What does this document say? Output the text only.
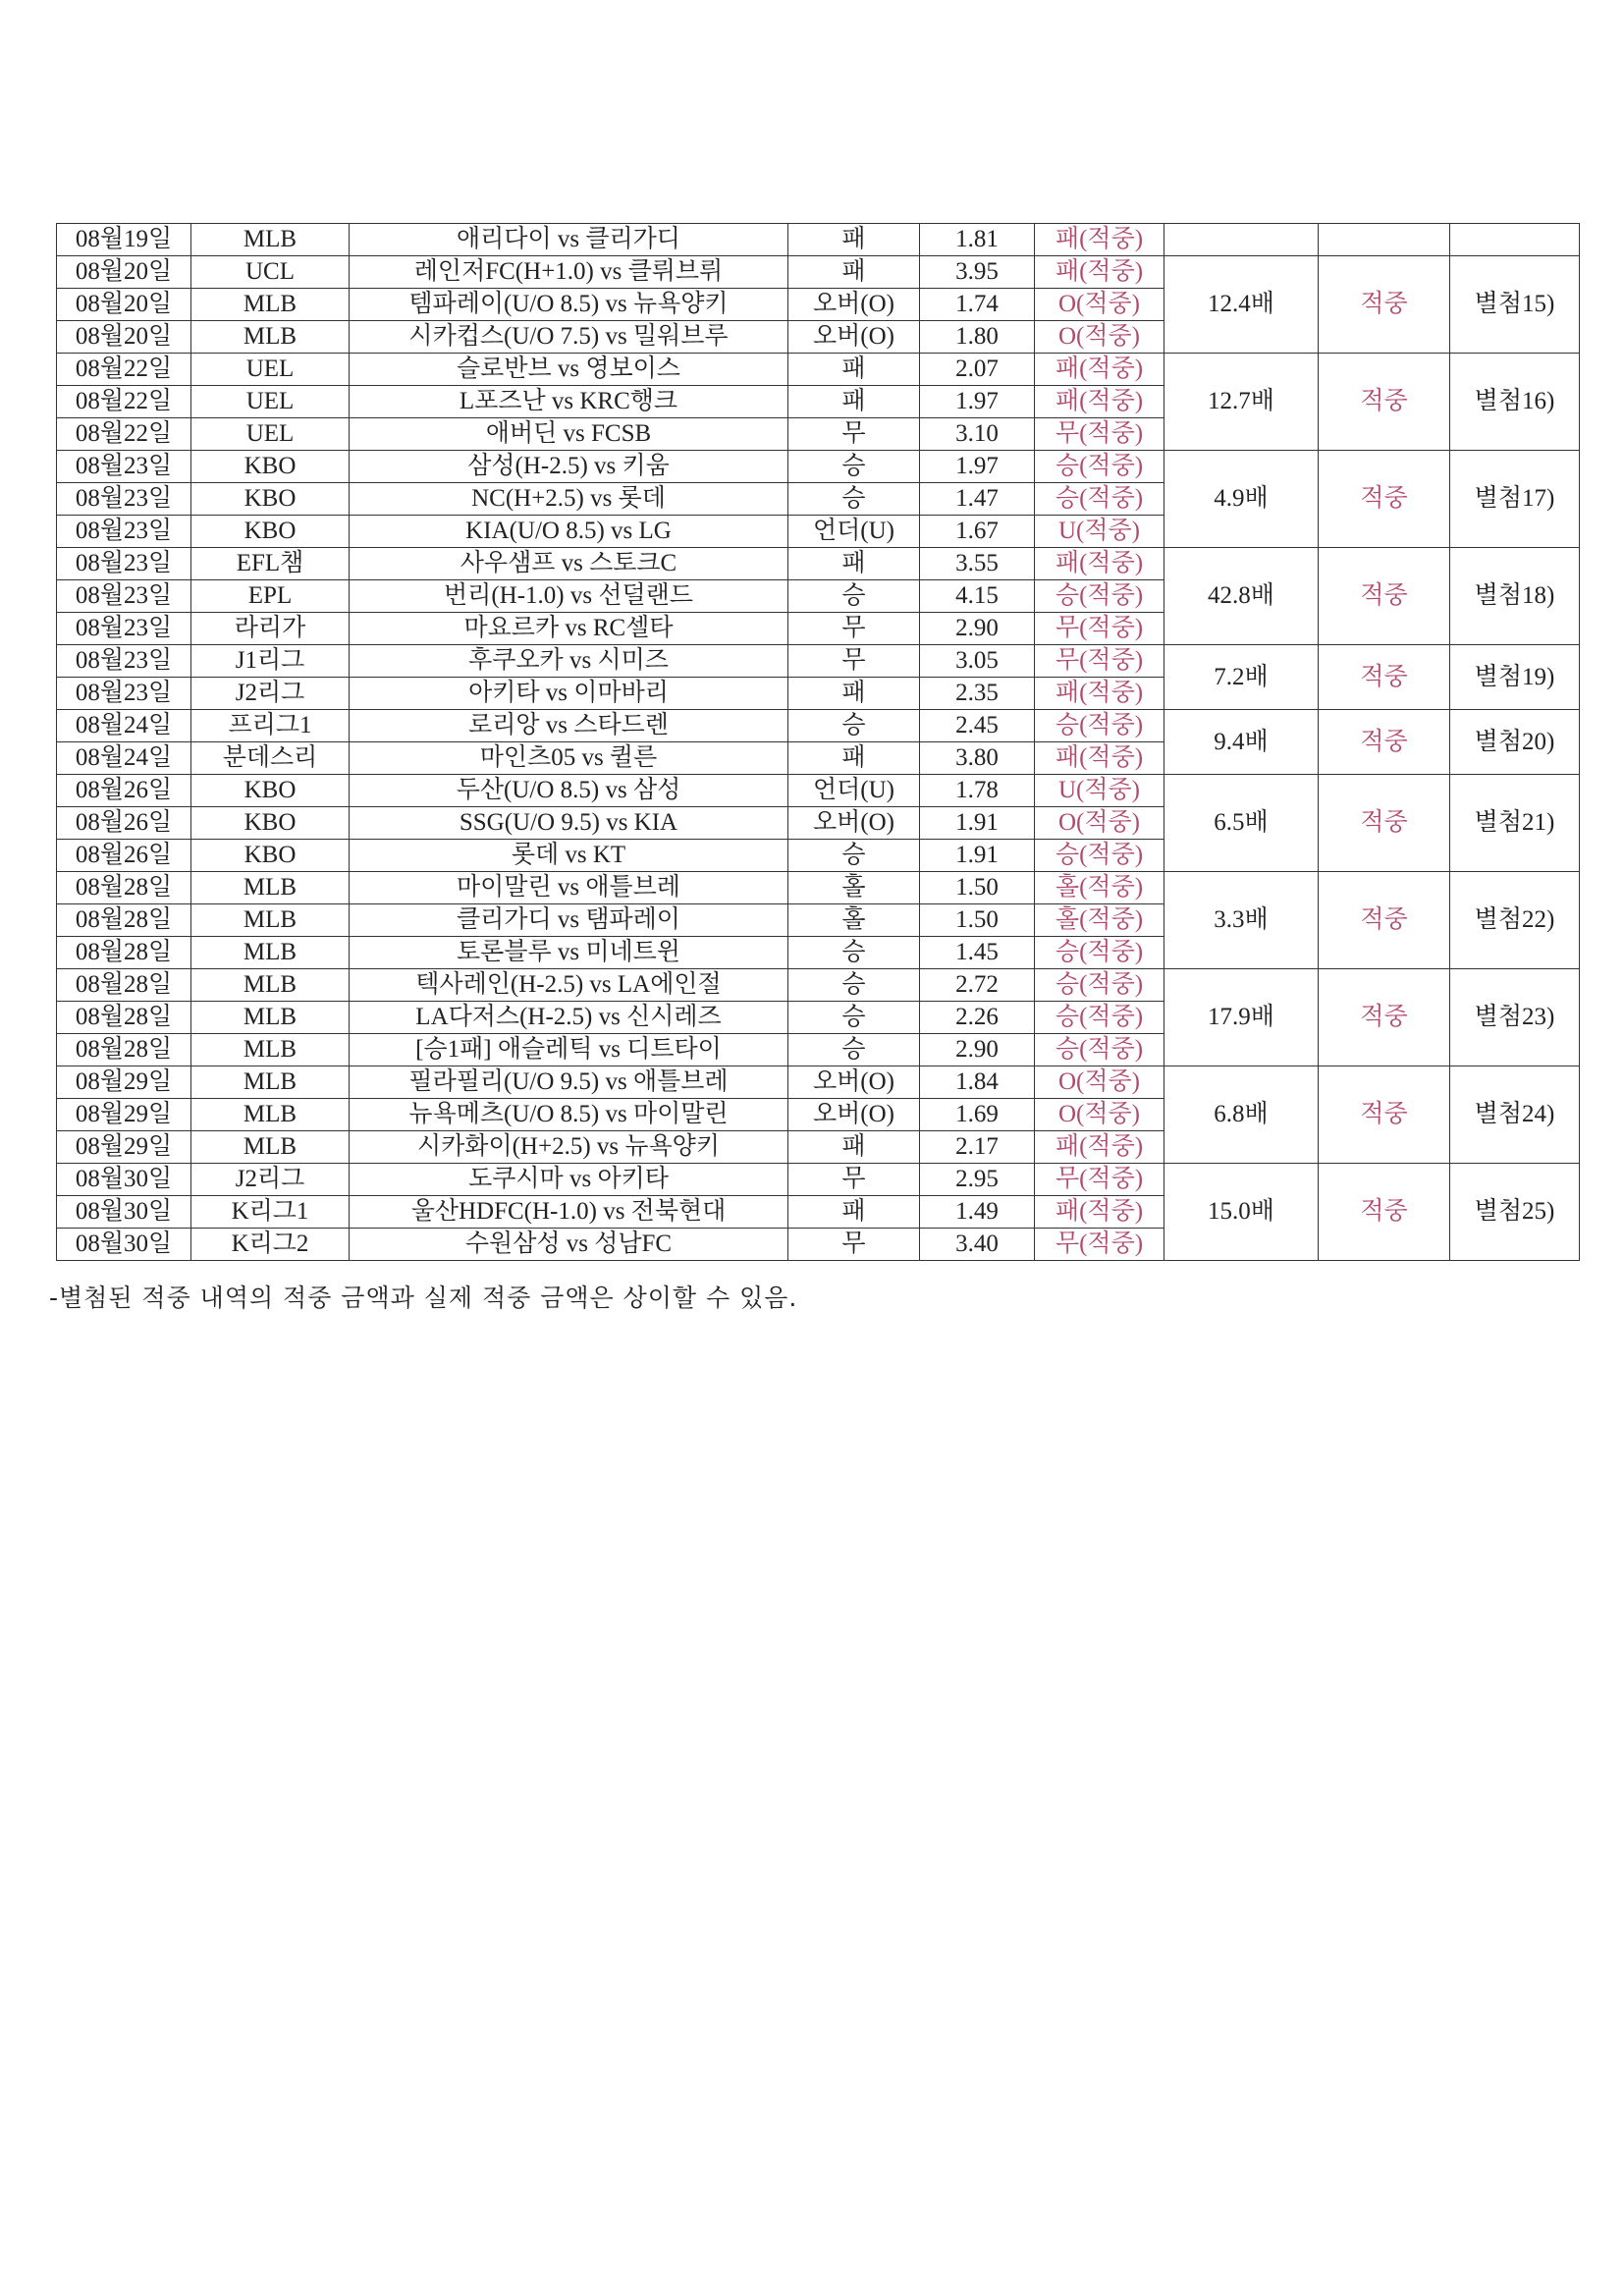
08월19일	MLB	애리다이 vs 클리가디	패	1.81	패(적중)			
08월20일	UCL	레인저FC(H+1.0) vs 클뤼브뤼	패	3.95	패(적중)	12.4배	적중	별첨15)
08월20일	MLB	템파레이(U/O 8.5) vs 뉴욕양키	오버(O)	1.74	O(적중)			
08월20일	MLB	시카컵스(U/O 7.5) vs 밀워브루	오버(O)	1.80	O(적중)			
08월22일	UEL	슬로반브 vs 영보이스	패	2.07	패(적중)	12.7배	적중	별첨16)
08월22일	UEL	L포즈난 vs KRC행크	패	1.97	패(적중)			
08월22일	UEL	애버딘 vs FCSB	무	3.10	무(적중)			
08월23일	KBO	삼성(H-2.5) vs 키움	승	1.97	승(적중)	4.9배	적중	별첨17)
08월23일	KBO	NC(H+2.5) vs 롯데	승	1.47	승(적중)			
08월23일	KBO	KIA(U/O 8.5) vs LG	언더(U)	1.67	U(적중)			
08월23일	EFL챔	사우샘프 vs 스토크C	패	3.55	패(적중)	42.8배	적중	별첨18)
08월23일	EPL	번리(H-1.0) vs 선덜랜드	승	4.15	승(적중)			
08월23일	라리가	마요르카 vs RC셀타	무	2.90	무(적중)			
08월23일	J1리그	후쿠오카 vs 시미즈	무	3.05	무(적중)	7.2배	적중	별첨19)
08월23일	J2리그	아키타 vs 이마바리	패	2.35	패(적중)			
08월24일	프리그1	로리앙 vs 스타드렌	승	2.45	승(적중)	9.4배	적중	별첨20)
08월24일	분데스리	마인츠05 vs 퀼른	패	3.80	패(적중)			
08월26일	KBO	두산(U/O 8.5) vs 삼성	언더(U)	1.78	U(적중)	6.5배	적중	별첨21)
08월26일	KBO	SSG(U/O 9.5) vs KIA	오버(O)	1.91	O(적중)			
08월26일	KBO	롯데 vs KT	승	1.91	승(적중)			
08월28일	MLB	마이말린 vs 애틀브레	홀	1.50	홀(적중)	3.3배	적중	별첨22)
08월28일	MLB	클리가디 vs 탬파레이	홀	1.50	홀(적중)			
08월28일	MLB	토론블루 vs 미네트윈	승	1.45	승(적중)			
08월28일	MLB	텍사레인(H-2.5) vs LA에인절	승	2.72	승(적중)	17.9배	적중	별첨23)
08월28일	MLB	LA다저스(H-2.5) vs 신시레즈	승	2.26	승(적중)			
08월28일	MLB	[승1패] 애슬레틱 vs 디트타이	승	2.90	승(적중)			
08월29일	MLB	필라필리(U/O 9.5) vs 애틀브레	오버(O)	1.84	O(적중)	6.8배	적중	별첨24)
08월29일	MLB	뉴욕메츠(U/O 8.5) vs 마이말린	오버(O)	1.69	O(적중)			
08월29일	MLB	시카화이(H+2.5) vs 뉴욕양키	패	2.17	패(적중)			
08월30일	J2리그	도쿠시마 vs 아키타	무	2.95	무(적중)	15.0배	적중	별첨25)
08월30일	K리그1	울산HDFC(H-1.0) vs 전북현대	패	1.49	패(적중)			
08월30일	K리그2	수원삼성 vs 성남FC	무	3.40	무(적중)			
-별첨된 적중 내역의 적중 금액과 실제 적중 금액은 상이할 수 있음.
